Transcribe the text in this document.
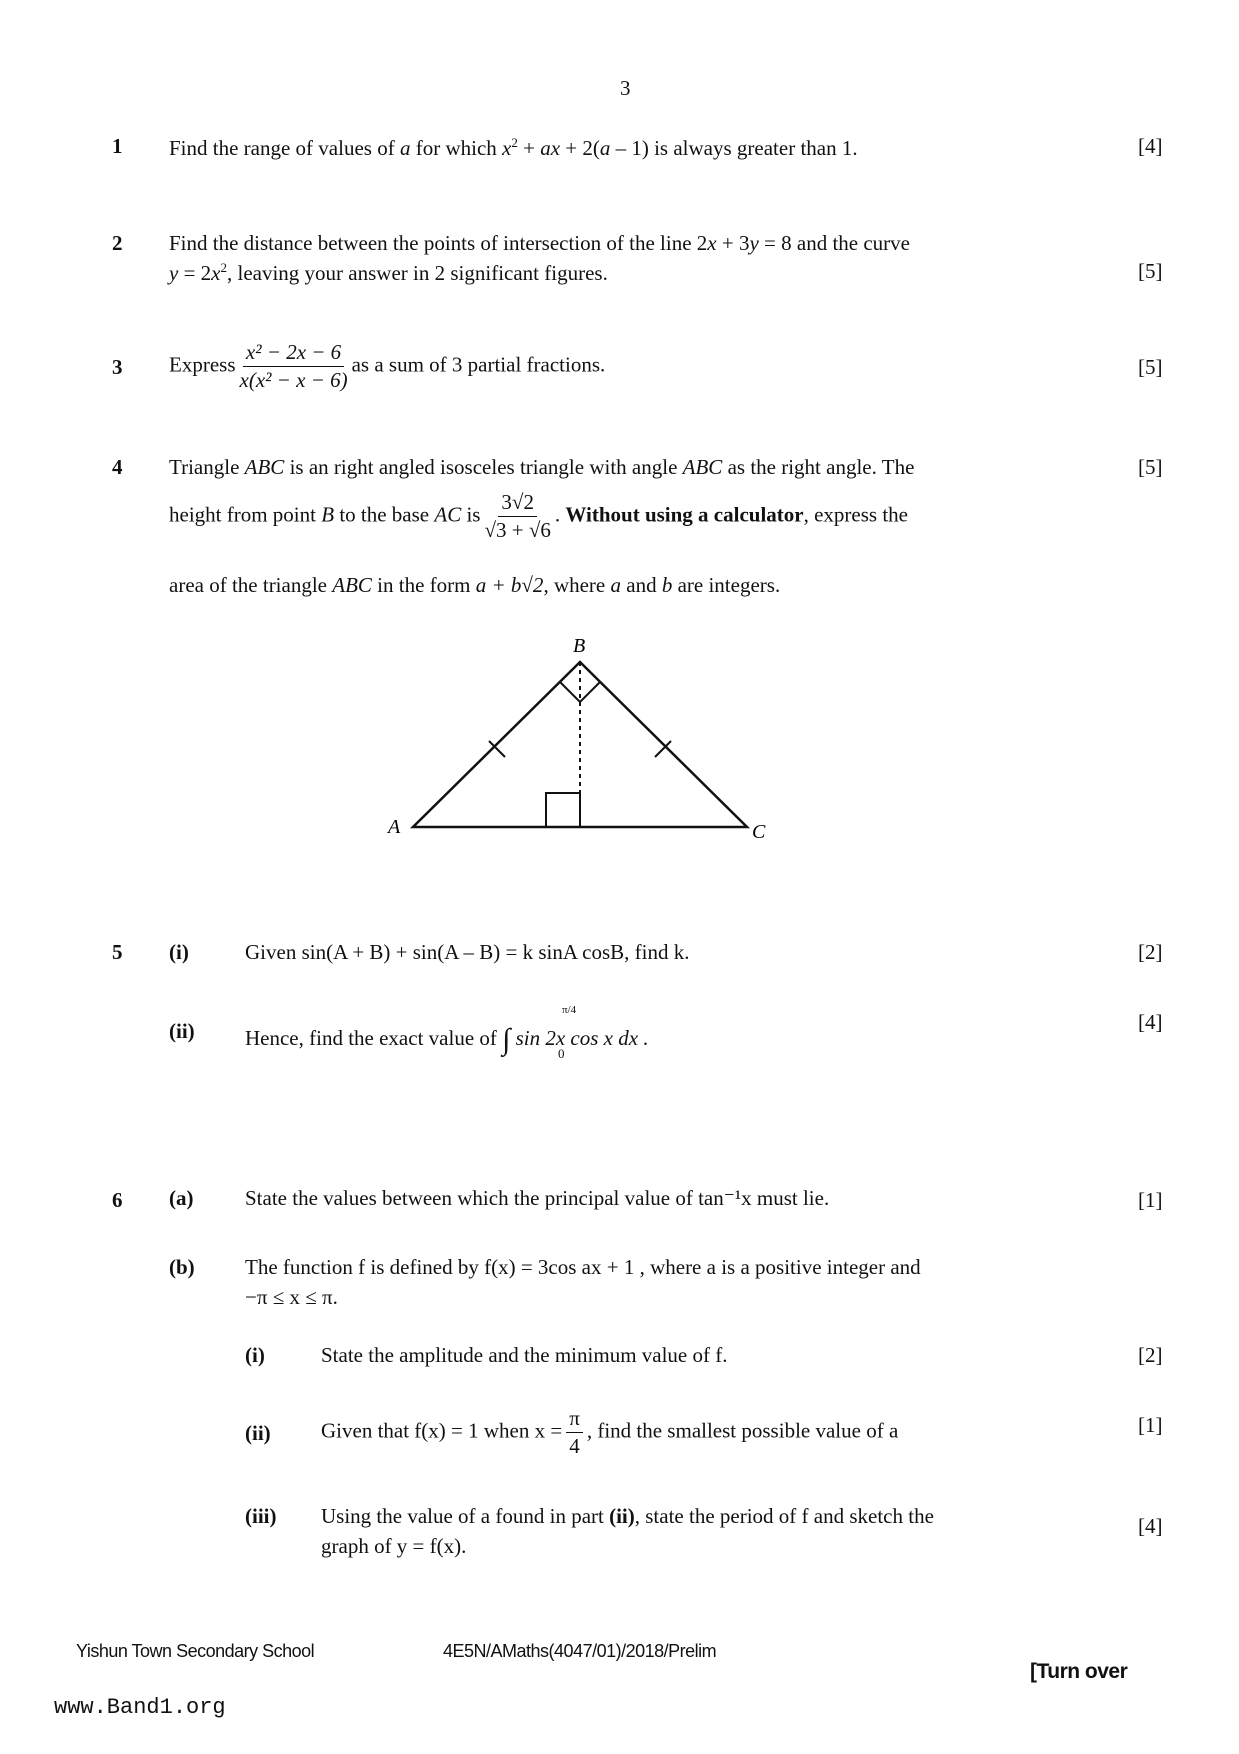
3
1 Find the range of values of a for which $x^2$ + ax + 2(a – 1) is always greater than 1.	[4]
2 Find the distance between the points of intersection of the line 2x + 3y = 8 and the curve
$y = 2x^2$, leaving your answer in 2 significant figures.	[5]
3 Express $\frac{\text{x² − 2x − 6}}{\text{x(x² − x − 6)}}$ as a sum of 3 partial fractions.	[5]
4 Triangle ABC is an right angled isosceles triangle with angle ABC as the right angle. The	[5]
height from point B to the base AC is $\frac{3√2}{√3 + √6}$ . Without using a calculator, express the
area of the triangle ABC in the form a + b√2, where a and b are integers.
B
A	C
5 (i)	Given sin(A + B) + sin(A – B) = k sinA cosB, find k.	[2]
(ii) Hence, find the exact value of ∫
π/4
0
sin 2x cos x dx .
[4]
6 (a) State the values between which the principal value of tan⁻¹x must lie.	[1]
(b) The function f is defined by f(x) = 3cos ax + 1 , where a is a positive integer and
−π ≤ x ≤ π.
(i)	State the amplitude and the minimum value of f.	[2]
(ii) Given that f(x) = 1 when $x = \frac{\pi}{4}$ , find the smallest possible value of a	[1]
(iii) Using the value of a found in part (ii), state the period of f and sketch the
graph of y = f(x).
[4]
Yishun Town Secondary School	4E5N/AMaths(4047/01)/2018/Prelim
[Turn over
www.Band1.org
